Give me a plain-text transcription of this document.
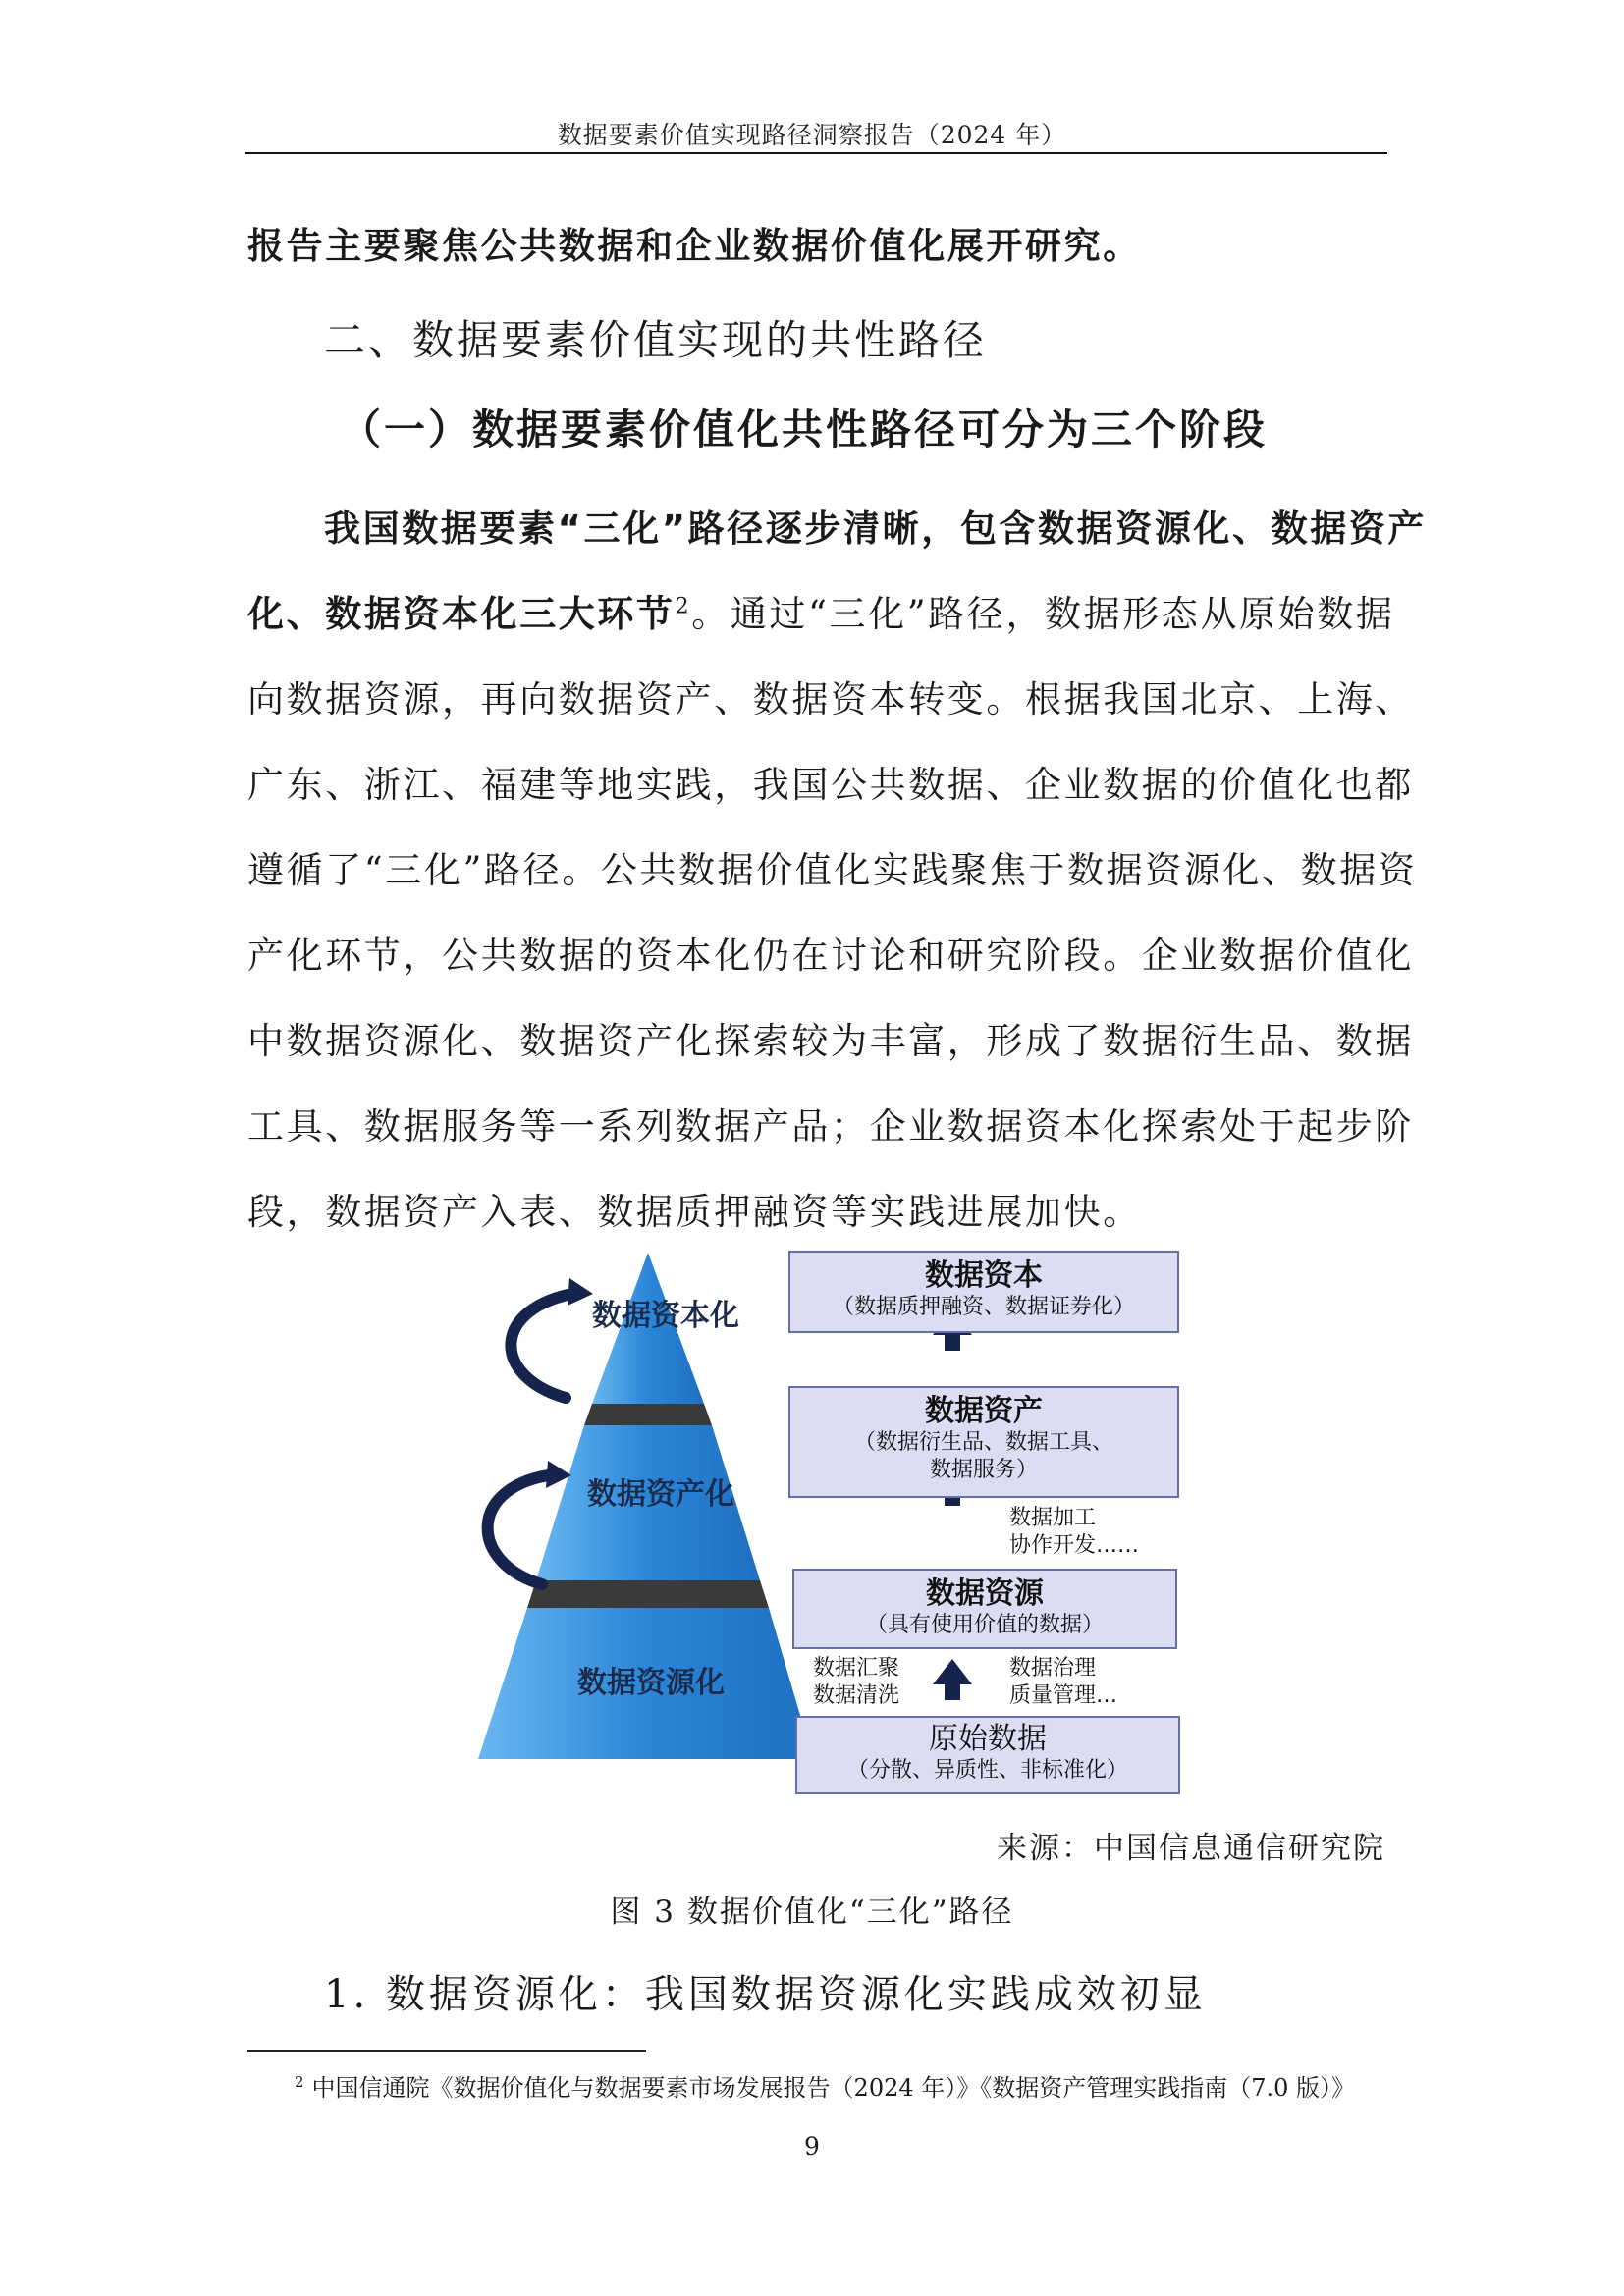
数据要素价值实现路径洞察报告（2024 年）
报告主要聚焦公共数据和企业数据价值化展开研究。
二、数据要素价值实现的共性路径
（一）数据要素价值化共性路径可分为三个阶段
我国数据要素“三化”路径逐步清晰，包含数据资源化、数据资产
化、数据资本化三大环节$^2$。通过“三化”路径，数据形态从原始数据
向数据资源，再向数据资产、数据资本转变。根据我国北京、上海、
广东、浙江、福建等地实践，我国公共数据、企业数据的价值化也都
遵循了“三化”路径。公共数据价值化实践聚焦于数据资源化、数据资
产化环节，公共数据的资本化仍在讨论和研究阶段。企业数据价值化
中数据资源化、数据资产化探索较为丰富，形成了数据衍生品、数据
工具、数据服务等一系列数据产品；企业数据资本化探索处于起步阶
段，数据资产入表、数据质押融资等实践进展加快。
数据资本化
数据资产化
数据资源化
数据资本
（数据质押融资、数据证券化）
数据资产
（数据衍生品、数据工具、
数据服务）
数据加工
协作开发……
数据资源
（具有使用价值的数据）
数据汇聚
数据清洗
数据治理
质量管理…
原始数据
（分散、异质性、非标准化）
来源：中国信息通信研究院
图 3 数据价值化“三化”路径
1. 数据资源化：我国数据资源化实践成效初显
$^2$ 中国信通院《数据价值化与数据要素市场发展报告（2024 年）》《数据资产管理实践指南（7.0 版）》
9
